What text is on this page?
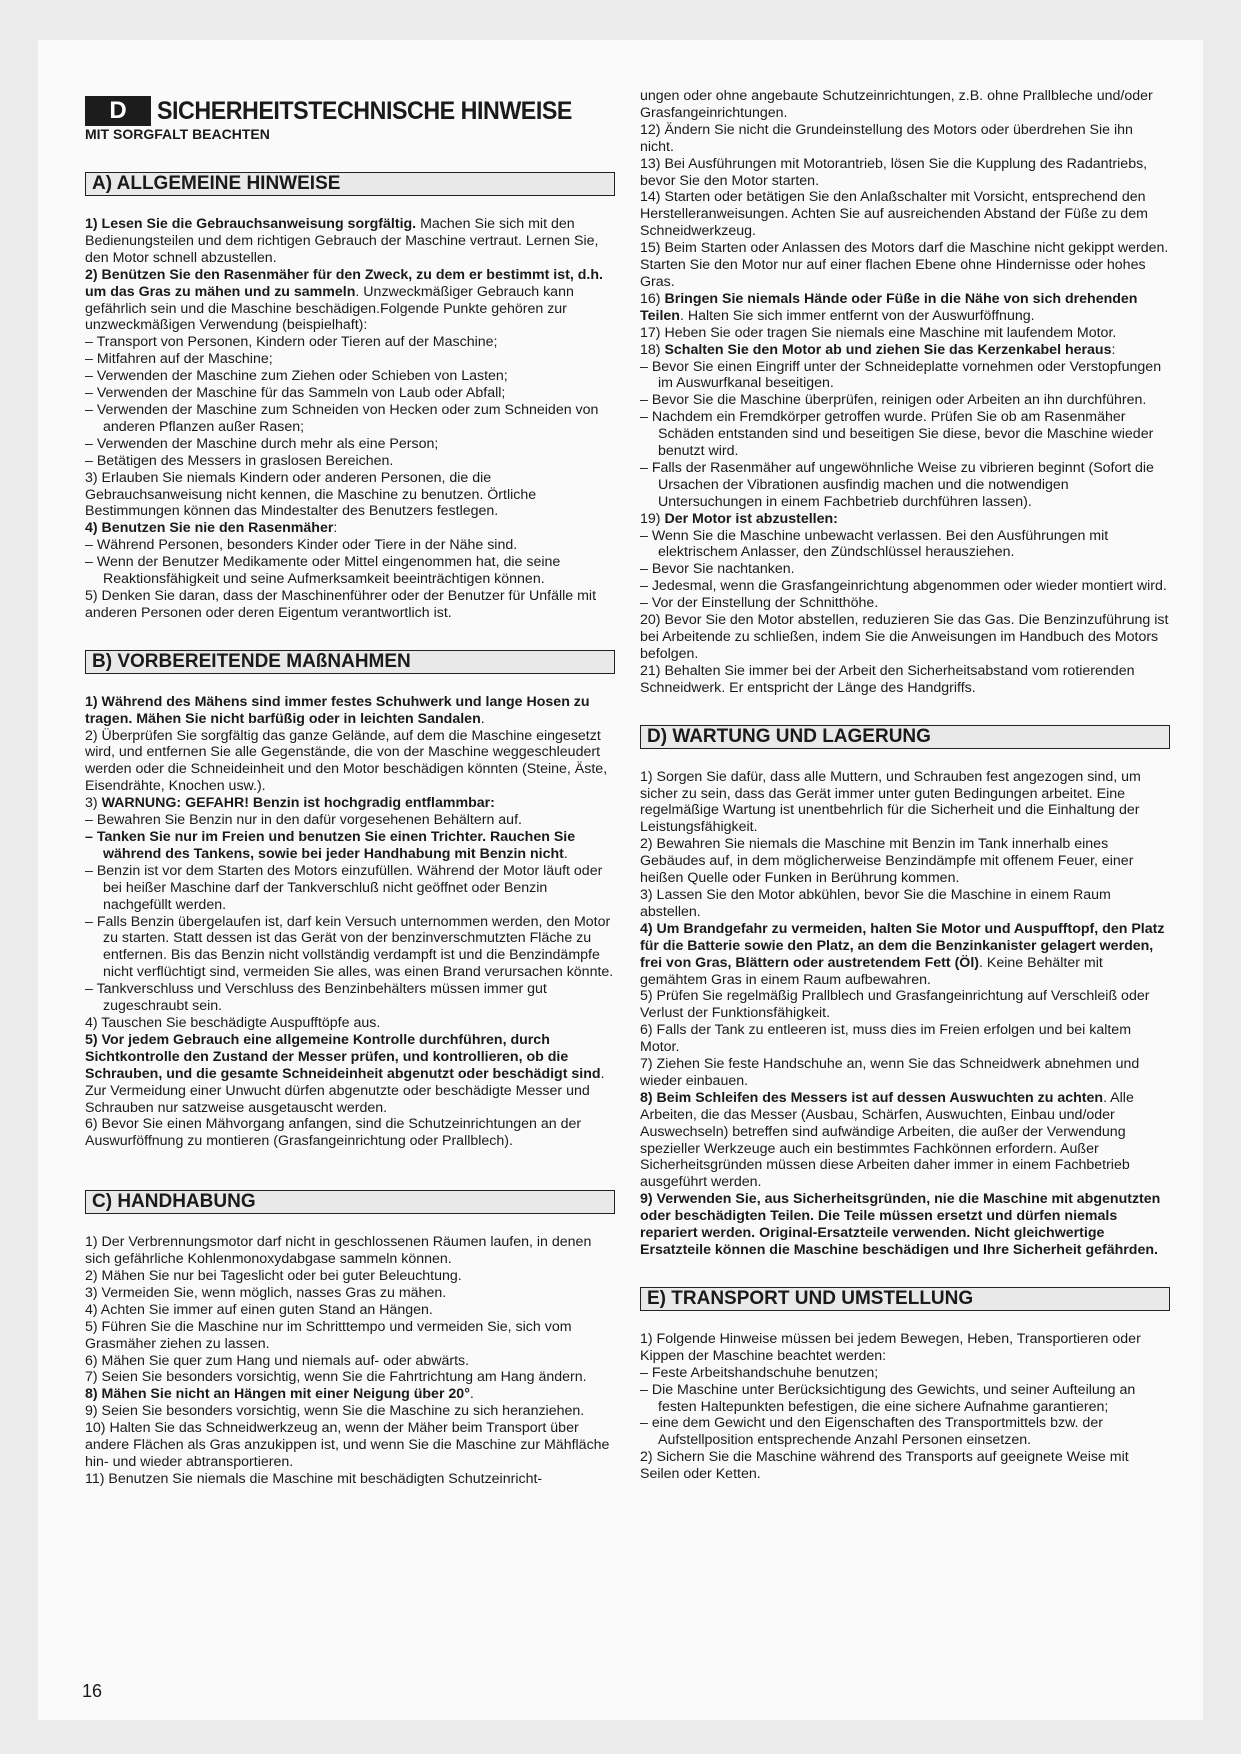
D SICHERHEITSTECHNISCHE HINWEISE
MIT SORGFALT BEACHTEN
A) ALLGEMEINE HINWEISE

1) Lesen Sie die Gebrauchsanweisung sorgfältig. Machen Sie sich mit den Bedienungsteilen und dem richtigen Gebrauch der Maschine vertraut. Lernen Sie, den Motor schnell abzustellen.

2) Benützen Sie den Rasenmäher für den Zweck, zu dem er bestimmt ist, d.h. um das Gras zu mähen und zu sammeln. Unzweckmäßiger Gebrauch kann gefährlich sein und die Maschine beschädigen.Folgende Punkte gehören zur unzweckmäßigen Verwendung (beispielhaft):

– Transport von Personen, Kindern oder Tieren auf der Maschine;

– Mitfahren auf der Maschine;

– Verwenden der Maschine zum Ziehen oder Schieben von Lasten;

– Verwenden der Maschine für das Sammeln von Laub oder Abfall;

– Verwenden der Maschine zum Schneiden von Hecken oder zum Schneiden von anderen Pflanzen außer Rasen;

– Verwenden der Maschine durch mehr als eine Person;

– Betätigen des Messers in graslosen Bereichen.

3) Erlauben Sie niemals Kindern oder anderen Personen, die die Gebrauchsanweisung nicht kennen, die Maschine zu benutzen. Örtliche Bestimmungen können das Mindestalter des Benutzers festlegen.

4) Benutzen Sie nie den Rasenmäher:

– Während Personen, besonders Kinder oder Tiere in der Nähe sind.

– Wenn der Benutzer Medikamente oder Mittel eingenommen hat, die seine Reaktionsfähigkeit und seine Aufmerksamkeit beeinträchtigen können.

5) Denken Sie daran, dass der Maschinenführer oder der Benutzer für Unfälle mit anderen Personen oder deren Eigentum verantwortlich ist.

B) VORBEREITENDE MAßNAHMEN

1) Während des Mähens sind immer festes Schuhwerk und lange Hosen zu tragen. Mähen Sie nicht barfüßig oder in leichten Sandalen.

2) Überprüfen Sie sorgfältig das ganze Gelände, auf dem die Maschine eingesetzt wird, und entfernen Sie alle Gegenstände, die von der Maschine weggeschleudert werden oder die Schneideinheit und den Motor beschädigen könnten (Steine, Äste, Eisendrähte, Knochen usw.).

3) WARNUNG: GEFAHR! Benzin ist hochgradig entflammbar:

– Bewahren Sie Benzin nur in den dafür vorgesehenen Behältern auf.

– Tanken Sie nur im Freien und benutzen Sie einen Trichter. Rauchen Sie während des Tankens, sowie bei jeder Handhabung mit Benzin nicht.

– Benzin ist vor dem Starten des Motors einzufüllen. Während der Motor läuft oder bei heißer Maschine darf der Tankverschluß nicht geöffnet oder Benzin nachgefüllt werden.

– Falls Benzin übergelaufen ist, darf kein Versuch unternommen werden, den Motor zu starten. Statt dessen ist das Gerät von der benzinverschmutzten Fläche zu entfernen. Bis das Benzin nicht vollständig verdampft ist und die Benzindämpfe nicht verflüchtigt sind, vermeiden Sie alles, was einen Brand verursachen könnte.

– Tankverschluss und Verschluss des Benzinbehälters müssen immer gut zugeschraubt sein.

4) Tauschen Sie beschädigte Auspufftöpfe aus.

5) Vor jedem Gebrauch eine allgemeine Kontrolle durchführen, durch Sichtkontrolle den Zustand der Messer prüfen, und kontrollieren, ob die Schrauben, und die gesamte Schneideinheit abgenutzt oder beschädigt sind. Zur Vermeidung einer Unwucht dürfen abgenutzte oder beschädigte Messer und Schrauben nur satzweise ausgetauscht werden.

6) Bevor Sie einen Mähvorgang anfangen, sind die Schutzeinrichtungen an der Auswurföffnung zu montieren (Grasfangeinrichtung oder Prallblech).

C) HANDHABUNG

1) Der Verbrennungsmotor darf nicht in geschlossenen Räumen laufen, in denen sich gefährliche Kohlenmonoxydabgase sammeln können.

2) Mähen Sie nur bei Tageslicht oder bei guter Beleuchtung.

3) Vermeiden Sie, wenn möglich, nasses Gras zu mähen.

4) Achten Sie immer auf einen guten Stand an Hängen.

5) Führen Sie die Maschine nur im Schritttempo und vermeiden Sie, sich vom Grasmäher ziehen zu lassen.

6) Mähen Sie quer zum Hang und niemals auf- oder abwärts.

7) Seien Sie besonders vorsichtig, wenn Sie die Fahrtrichtung am Hang ändern.

8) Mähen Sie nicht an Hängen mit einer Neigung über 20°.

9) Seien Sie besonders vorsichtig, wenn Sie die Maschine zu sich heranziehen.

10) Halten Sie das Schneidwerkzeug an, wenn der Mäher beim Transport über andere Flächen als Gras anzukippen ist, und wenn Sie die Maschine zur Mähfläche hin- und wieder abtransportieren.

11) Benutzen Sie niemals die Maschine mit beschädigten Schutzeinricht-

16

ungen oder ohne angebaute Schutzeinrichtungen, z.B. ohne Prallbleche und/oder Grasfangeinrichtungen.

12) Ändern Sie nicht die Grundeinstellung des Motors oder überdrehen Sie ihn nicht.

13) Bei Ausführungen mit Motorantrieb, lösen Sie die Kupplung des Radantriebs, bevor Sie den Motor starten.

14) Starten oder betätigen Sie den Anlaßschalter mit Vorsicht, entsprechend den Herstelleranweisungen. Achten Sie auf ausreichenden Abstand der Füße zu dem Schneidwerkzeug.

15) Beim Starten oder Anlassen des Motors darf die Maschine nicht gekippt werden. Starten Sie den Motor nur auf einer flachen Ebene ohne Hindernisse oder hohes Gras.

16) Bringen Sie niemals Hände oder Füße in die Nähe von sich drehenden Teilen. Halten Sie sich immer entfernt von der Auswurföffnung.

17) Heben Sie oder tragen Sie niemals eine Maschine mit laufendem Motor.

18) Schalten Sie den Motor ab und ziehen Sie das Kerzenkabel heraus:

– Bevor Sie einen Eingriff unter der Schneideplatte vornehmen oder Verstopfungen im Auswurfkanal beseitigen.

– Bevor Sie die Maschine überprüfen, reinigen oder Arbeiten an ihn durchführen.

– Nachdem ein Fremdkörper getroffen wurde. Prüfen Sie ob am Rasenmäher Schäden entstanden sind und beseitigen Sie diese, bevor die Maschine wieder benutzt wird.

– Falls der Rasenmäher auf ungewöhnliche Weise zu vibrieren beginnt (Sofort die Ursachen der Vibrationen ausfindig machen und die notwendigen Untersuchungen in einem Fachbetrieb durchführen lassen).

19) Der Motor ist abzustellen:

– Wenn Sie die Maschine unbewacht verlassen. Bei den Ausführungen mit elektrischem Anlasser, den Zündschlüssel herausziehen.

– Bevor Sie nachtanken.

– Jedesmal, wenn die Grasfangeinrichtung abgenommen oder wieder montiert wird.

– Vor der Einstellung der Schnitthöhe.

20) Bevor Sie den Motor abstellen, reduzieren Sie das Gas. Die Benzinzuführung ist bei Arbeitende zu schließen, indem Sie die Anweisungen im Handbuch des Motors befolgen.

21) Behalten Sie immer bei der Arbeit den Sicherheitsabstand vom rotierenden Schneidwerk. Er entspricht der Länge des Handgriffs.

D) WARTUNG UND LAGERUNG

1) Sorgen Sie dafür, dass alle Muttern, und Schrauben fest angezogen sind, um sicher zu sein, dass das Gerät immer unter guten Bedingungen arbeitet. Eine regelmäßige Wartung ist unentbehrlich für die Sicherheit und die Einhaltung der Leistungsfähigkeit.

2) Bewahren Sie niemals die Maschine mit Benzin im Tank innerhalb eines Gebäudes auf, in dem möglicherweise Benzindämpfe mit offenem Feuer, einer heißen Quelle oder Funken in Berührung kommen.

3) Lassen Sie den Motor abkühlen, bevor Sie die Maschine in einem Raum abstellen.

4) Um Brandgefahr zu vermeiden, halten Sie Motor und Auspufftopf, den Platz für die Batterie sowie den Platz, an dem die Benzinkanister gelagert werden, frei von Gras, Blättern oder austretendem Fett (Öl). Keine Behälter mit gemähtem Gras in einem Raum aufbewahren.

5) Prüfen Sie regelmäßig Prallblech und Grasfangeinrichtung auf Verschleiß oder Verlust der Funktionsfähigkeit.

6) Falls der Tank zu entleeren ist, muss dies im Freien erfolgen und bei kaltem Motor.

7) Ziehen Sie feste Handschuhe an, wenn Sie das Schneidwerk abnehmen und wieder einbauen.

8) Beim Schleifen des Messers ist auf dessen Auswuchten zu achten. Alle Arbeiten, die das Messer (Ausbau, Schärfen, Auswuchten, Einbau und/oder Auswechseln) betreffen sind aufwändige Arbeiten, die außer der Verwendung spezieller Werkzeuge auch ein bestimmtes Fachkönnen erfordern. Außer Sicherheitsgründen müssen diese Arbeiten daher immer in einem Fachbetrieb ausgeführt werden.

9) Verwenden Sie, aus Sicherheitsgründen, nie die Maschine mit abgenutzten oder beschädigten Teilen. Die Teile müssen ersetzt und dürfen niemals repariert werden. Original-Ersatzteile verwenden. Nicht gleichwertige Ersatzteile können die Maschine beschädigen und Ihre Sicherheit gefährden.

E) TRANSPORT UND UMSTELLUNG

1) Folgende Hinweise müssen bei jedem Bewegen, Heben, Transportieren oder Kippen der Maschine beachtet werden:

– Feste Arbeitshandschuhe benutzen;

– Die Maschine unter Berücksichtigung des Gewichts, und seiner Aufteilung an festen Haltepunkten befestigen, die eine sichere Aufnahme garantieren;

– eine dem Gewicht und den Eigenschaften des Transportmittels bzw. der Aufstellposition entsprechende Anzahl Personen einsetzen.

2) Sichern Sie die Maschine während des Transports auf geeignete Weise mit Seilen oder Ketten.
